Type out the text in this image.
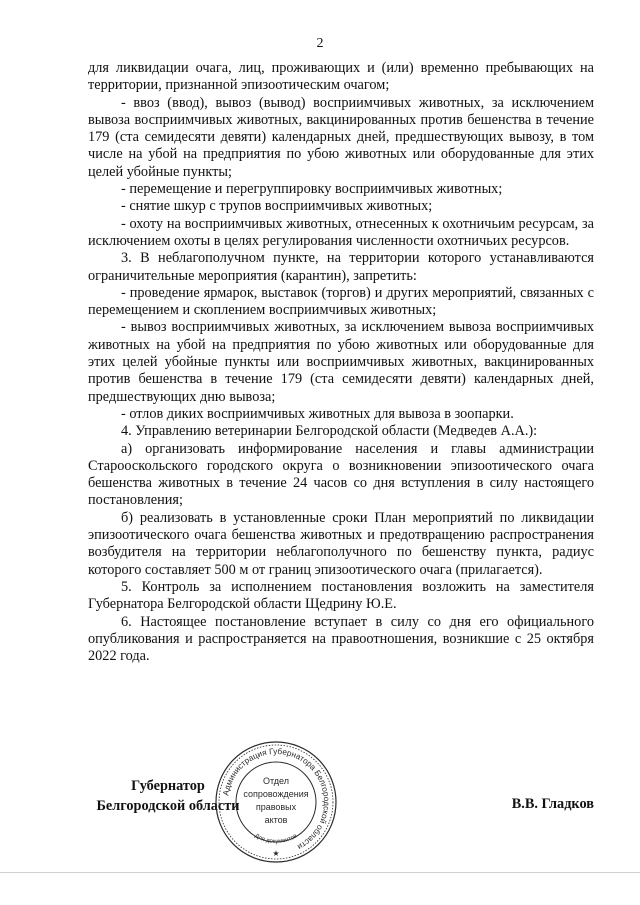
2

для ликвидации очага, лиц, проживающих и (или) временно пребывающих на территории, признанной эпизоотическим очагом;

- ввоз (ввод), вывоз (вывод) восприимчивых животных, за исключением вывоза восприимчивых животных, вакцинированных против бешенства в течение 179 (ста семидесяти девяти) календарных дней, предшествующих вывозу, в том числе на убой на предприятия по убою животных или оборудованные для этих целей убойные пункты;

- перемещение и перегруппировку восприимчивых животных;

- снятие шкур с трупов восприимчивых животных;

- охоту на восприимчивых животных, отнесенных к охотничьим ресурсам, за исключением охоты в целях регулирования численности охотничьих ресурсов.

3. В неблагополучном пункте, на территории которого устанавливаются ограничительные мероприятия (карантин), запретить:

- проведение ярмарок, выставок (торгов) и других мероприятий, связанных с перемещением и скоплением восприимчивых животных;

- вывоз восприимчивых животных, за исключением вывоза восприимчивых животных на убой на предприятия по убою животных или оборудованные для этих целей убойные пункты или восприимчивых животных, вакцинированных против бешенства в течение 179 (ста семидесяти девяти) календарных дней, предшествующих дню вывоза;

- отлов диких восприимчивых животных для вывоза в зоопарки.

4. Управлению ветеринарии Белгородской области (Медведев А.А.):

а) организовать информирование населения и главы администрации Старооскольского городского округа о возникновении эпизоотического очага бешенства животных в течение 24 часов со дня вступления в силу настоящего постановления;

б) реализовать в установленные сроки План мероприятий по ликвидации эпизоотического очага бешенства животных и предотвращению распространения возбудителя на территории неблагополучного по бешенству пункта, радиус которого составляет 500 м от границ эпизоотического очага (прилагается).

5. Контроль за исполнением постановления возложить на заместителя Губернатора Белгородской области Щедрину Ю.Е.

6. Настоящее постановление вступает в силу со дня его официального опубликования и распространяется на правоотношения, возникшие с 25 октября 2022 года.

Губернатор
Белгородской области
Администрация Губернатора Белгородской области
Для документов
Отдел
сопровождения
правовых
актов
★
В.В. Гладков
